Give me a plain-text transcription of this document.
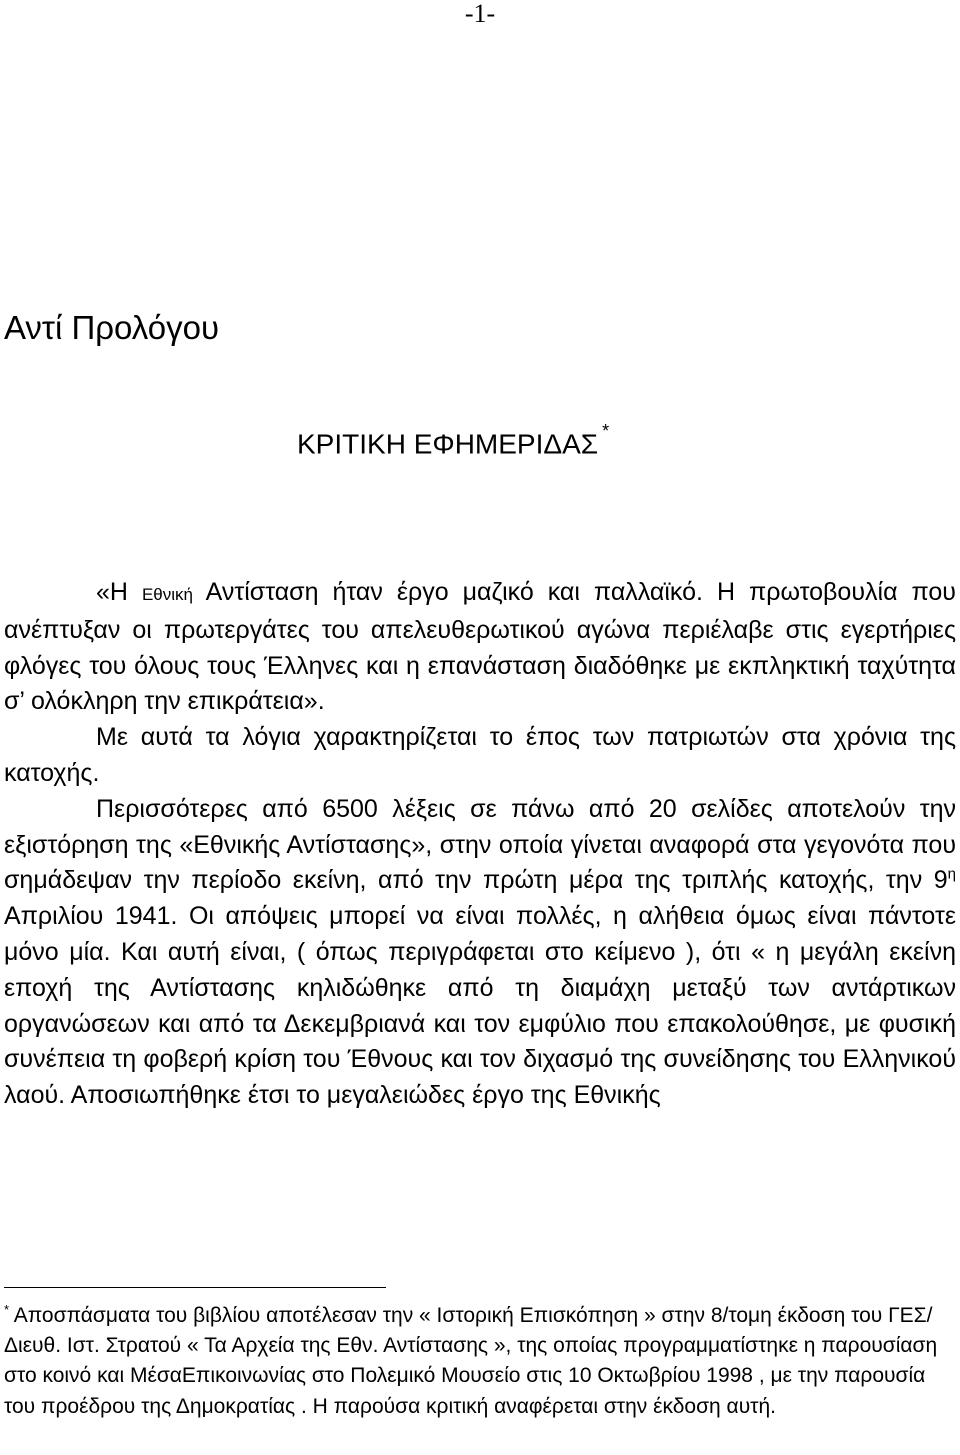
-1-
Αντί Προλόγου
ΚΡΙΤΙΚΗ ΕΦΗΜΕΡΙΔΑΣ *

«Η Εθνική Αντίσταση ήταν έργο μαζικό και παλλαϊκό. Η πρωτοβουλία που ανέπτυξαν οι πρωτεργάτες του απελευθερωτικού αγώνα περιέλαβε στις εγερτήριες φλόγες του όλους τους Έλληνες και η επανάσταση διαδόθηκε με εκπληκτική ταχύτητα σ’ ολόκληρη την επικράτεια».

Με αυτά τα λόγια χαρακτηρίζεται το έπος των πατριωτών στα χρόνια της κατοχής.

Περισσότερες από 6500 λέξεις σε πάνω από 20 σελίδες αποτελούν την εξιστόρηση της «Εθνικής Αντίστασης», στην οποία γίνεται αναφορά στα γεγονότα που σημάδεψαν την περίοδο εκείνη, από την πρώτη μέρα της τριπλής κατοχής, την $9^\eta$ Απριλίου 1941. Οι απόψεις μπορεί να είναι πολλές, η αλήθεια όμως είναι πάντοτε μόνο μία. Και αυτή είναι, ( όπως περιγράφεται στο κείμενο ), ότι « η μεγάλη εκείνη εποχή της Αντίστασης κηλιδώθηκε από τη διαμάχη μεταξύ των αντάρτικων οργανώσεων και από τα Δεκεμβριανά και τον εμφύλιο που επακολούθησε, με φυσική συνέπεια τη φοβερή κρίση του Έθνους και τον διχασμό της συνείδησης του Ελληνικού λαού. Αποσιωπήθηκε έτσι το μεγαλειώδες έργο της Εθνικής

* Αποσπάσματα του βιβλίου αποτέλεσαν την « Ιστορική Επισκόπηση » στην 8/τομη έκδοση του ΓΕΣ/ Διευθ. Ιστ. Στρατού « Τα Αρχεία της Εθν. Αντίστασης », της οποίας προγραμματίστηκε η παρουσίαση στο κοινό και ΜέσαΕπικοινωνίας στο Πολεμικό Μουσείο στις 10 Οκτωβρίου 1998 , με την παρουσία του προέδρου της Δημοκρατίας . Η παρούσα κριτική αναφέρεται στην έκδοση αυτή.
